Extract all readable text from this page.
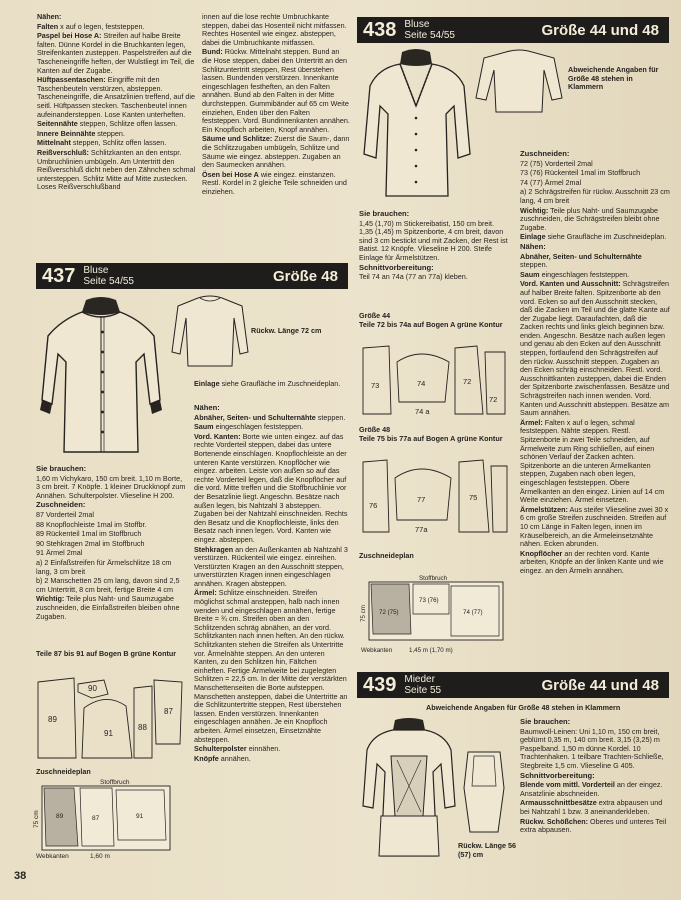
Nähen:

Falten x auf o legen, feststeppen.

Paspel bei Hose A: Streifen auf halbe Breite falten. Dünne Kordel in die Bruchkanten legen, Streifenkanten zusteppen. Paspelstreifen auf die Tascheneingriffe heften, der Wulstliegt im Teil, die Kanten auf der Zugabe.

Hüftpassentaschen: Eingriffe mit den Taschenbeuteln verstürzen, absteppen. Tascheneingriffe, die Ansatzlinien treffend, auf die seitl. Hüftpassen stecken. Taschenbeutel innen aufeinandersteppen. Lose Kanten unterheften.

Seitennähte steppen, Schlitze offen lassen.

Innere Beinnähte steppen.

Mittelnaht steppen, Schlitz offen lassen.

Reißverschluß: Schlitzkanten an den entspr. Umbruchlinien umbügeln. Am Untertritt den Reißverschluß dicht neben den Zähnchen schmal untersteppen. Schlitz Mitte auf Mitte zustecken. Loses Reißverschlußband

innen auf die lose rechte Umbruchkante steppen, dabei das Hosenteil nicht mitfassen. Rechtes Hosenteil wie eingez. absteppen, dabei die Umbruchkante mitfassen.

Bund: Rückw. Mittelnaht steppen. Bund an die Hose steppen, dabei den Untertritt an den Schlitzuntertritt steppen, Rest überstehen lassen. Bundenden verstürzen. Innenkante eingeschlagen festheften, an den Falten annähen. Bund ab den Falten in der Mitte durchsteppen. Gummibänder auf 65 cm Weite einziehen, Enden über den Falten feststeppen. Vord. Bundinnenkanten annähen. Ein Knopfloch arbeiten, Knopf annähen.

Säume und Schlitze: Zuerst die Saum-, dann die Schlitzzugaben umbügeln, Schlitze und Säume wie eingez. absteppen. Zugaben an den Saumecken annähen.

Ösen bei Hose A wie eingez. einstanzen. Restl. Kordel in 2 gleiche Teile schneiden und einziehen.

437 Bluse
Seite 54/55	Größe 48
Rückw. Länge 72 cm

Einlage siehe Graufläche im Zuschneideplan.

Sie brauchen:

1,60 m Vichykaro, 150 cm breit. 1,10 m Borte, 3 cm breit. 7 Knöpfe. 1 kleiner Druckknopf zum Annähen. Schulterpolster. Vlieseline H 200.

Zuschneiden:

87 Vorderteil 2mal

88 Knopflochleiste 1mal im Stoffbr.

89 Rückenteil 1mal im Stoffbruch

90 Stehkragen 2mal im Stoffbruch

91 Ärmel 2mal

a) 2 Einfaßstreifen für Ärmelschlitze 18 cm lang, 3 cm breit

b) 2 Manschetten 25 cm lang, davon sind 2,5 cm Untertritt, 8 cm breit, fertige Breite 4 cm

Wichtig: Teile plus Naht- und Saumzugabe zuschneiden, die Einfaßstreifen bleiben ohne Zugaben.

Teile 87 bis 91 auf Bogen B grüne Kontur
89
90
91
88
87
Zuschneideplan
Stoffbruch
89	87	91
Webkanten	1,60 m
75 cm

Nähen:

Abnäher, Seiten- und Schulternähte steppen.

Saum eingeschlagen feststeppen.

Vord. Kanten: Borte wie unten eingez. auf das rechte Vorderteil steppen, dabei das untere Bortenende einschlagen. Knopflochleiste an der unteren Kante verstürzen. Knopflöcher wie eingez. arbeiten. Leiste von außen so auf das rechte Vorderteil legen, daß die Knopflöcher auf die vord. Mitte treffen und die Stoffbruchlinie vor der Besatzlinie liegt. Angeschn. Besätze nach außen legen, bis Nahtzahl 3 absteppen. Zugaben bei der Nahtzahl einschneiden. Rechts den Besatz und die Knopflochleiste, links den Besatz nach innen legen. Vord. Kanten wie eingez. absteppen.

Stehkragen an den Außenkanten ab Nahtzahl 3 verstürzen. Rückenteil wie eingez. einreihen. Verstürzten Kragen an den Ausschnitt steppen, unverstürzten Kragen innen eingeschlagen annähen. Kragen absteppen.

Ärmel: Schlitze einschneiden. Streifen möglichst schmal ansteppen, halb nach innen wenden und eingeschlagen annähen, fertige Breite = ¾ cm. Streifen oben an den Schlitzenden schräg abnähen, an der vord. Schlitzkanten nach innen heften. An den rückw. Schlitzkanten stehen die Streifen als Untertritte vor. Ärmelnähte steppen. An den unteren Kanten, zu den Schlitzen hin, Fältchen einheften. Fertige Ärmelweite bei zugelegten Schlitzen = 22,5 cm. In der Mitte der verstärkten Manschettenseiten die Borte aufsteppen. Manschetten ansteppen, dabei die Untertritte an die Schlitzuntertritte steppen, Rest überstehen lassen. Enden verstürzen. Innenkanten eingeschlagen annähen. Je ein Knopfloch arbeiten. Ärmel einsetzen, Einsetznähte absteppen.

Schulterpolster einnähen.

Knöpfe annähen.

438 Bluse
Seite 54/55	Größe 44 und 48
Abweichende Angaben für Größe 48 stehen in Klammern

Sie brauchen:

1,45 (1,70) m Stickereibatist, 150 cm breit. 1,35 (1,45) m Spitzenborte, 4 cm breit, davon sind 3 cm bestickt und mit Zacken, der Rest ist Batist. 12 Knöpfe. Vlieseline H 200. Steife Einlage für Ärmelstützen.

Schnittvorbereitung:

Teil 74 an 74a (77 an 77a) kleben.

Größe 44
Teile 72 bis 74a auf Bogen A grüne Kontur
73	74	72
72
74 a
Größe 48
Teile 75 bis 77a auf Bogen A grüne Kontur
76
77	75
77a
Zuschneideplan
Stoffbruch
73 (76)
72 (75)	74 (77)
Webkanten	1,45 m (1,70 m)
75 cm

Zuschneiden:

72 (75) Vorderteil 2mal

73 (76) Rückenteil 1mal im Stoffbruch

74 (77) Ärmel 2mal

a) 2 Schrägstreifen für rückw. Ausschnitt 23 cm lang, 4 cm breit

Wichtig: Teile plus Naht- und Saumzugabe zuschneiden, die Schrägstreifen bleibt ohne Zugabe.

Einlage siehe Graufläche im Zuschneideplan.

Nähen:

Abnäher, Seiten- und Schulternähte steppen.

Saum eingeschlagen feststeppen.

Vord. Kanten und Ausschnitt: Schrägstreifen auf halber Breite falten. Spitzenborte ab den vord. Ecken so auf den Ausschnitt stecken, daß die Zacken im Teil und die glatte Kante auf der Zugabe liegt. Daraufachten, daß die Zacken rechts und links gleich beginnen bzw. enden. Angeschn. Besätze nach außen legen und genau ab den Ecken auf den Ausschnitt steppen, fortlaufend den Schrägstreifen auf den rückw. Ausschnitt steppen. Zugaben an den Ecken schräg einschneiden. Restl. vord. Ausschnittkanten zusteppen, dabei die Enden der Spitzenborte zwischenfassen. Besätze und Schrägstreifen nach innen wenden. Vord. Kanten und Ausschnitt absteppen. Besätze am Saum annähen.

Ärmel: Falten x auf o legen, schmal feststeppen. Nähte steppen. Restl. Spitzenborte in zwei Teile schneiden, auf Ärmelweite zum Ring schließen, auf einen schönen Verlauf der Zacken achten. Spitzenborte an die unteren Ärmelkanten steppen, Zugaben nach oben legen, eingeschlagen feststeppen. Obere Ärmelkanten an den eingez. Linien auf 14 cm Weite einziehen. Ärmel einsetzen.

Ärmelstützen: Aus steifer Vlieseline zwei 30 x 6 cm große Streifen zuschneiden. Streifen auf 10 cm Länge in Falten legen, innen im Kräuselbereich, an die Ärmeleinsetznähte nähen. Ecken abrunden.

Knopflöcher an der rechten vord. Kante arbeiten, Knöpfe an der linken Kante und wie eingez. an den Ärmeln annähen.

439 Mieder
Seite 55	Größe 44 und 48
Abweichende Angaben für Größe 48 stehen in Klammern
Rückw. Länge 56 (57) cm

Sie brauchen:

Baumwoll-Leinen: Uni 1,10 m, 150 cm breit, geblümt 0,35 m, 140 cm breit. 3,15 (3,25) m Paspelband. 1,50 m dünne Kordel. 10 Trachtenhaken. 1 teilbare Trachten-Schließe, Stegbreite 1,5 cm. Vlieseline G 405.

Schnittvorbereitung:

Blende vom mittl. Vorderteil an der eingez. Ansatzlinie abschneiden.

Armausschnittbesätze extra abpausen und bei Nahtzahl 1 bzw. 3 aneinanderkleben.

Rückw. Schößchen: Oberes und unteres Teil extra abpausen.

38
